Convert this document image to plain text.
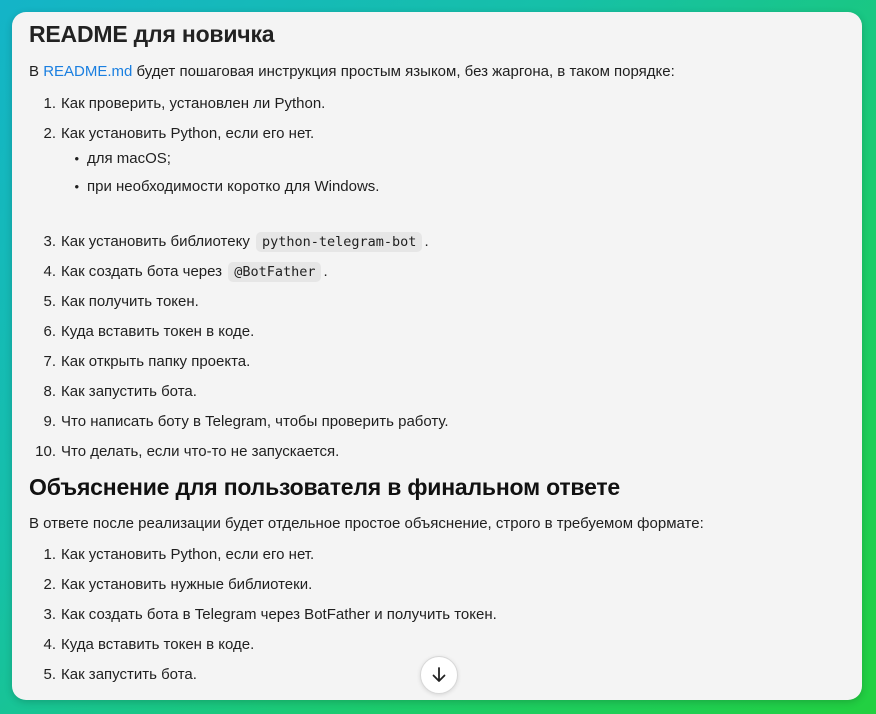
README для новичка

В README.md будет пошаговая инструкция простым языком, без жаргона, в таком порядке:

1. Как проверить, установлен ли Python.
2. Как установить Python, если его нет.
3. Как установить библиотеку python-telegram-bot .
4. Как создать бота через @BotFather .
5. Как получить токен.
6. Куда вставить токен в коде.
7. Как открыть папку проекта.
8. Как запустить бота.
9. Что написать боту в Telegram, чтобы проверить работу.
10. Что делать, если что-то не запускается.
• для macOS;
• при необходимости коротко для Windows.
Объяснение для пользователя в финальном ответе

В ответе после реализации будет отдельное простое объяснение, строго в требуемом формате:

1. Как установить Python, если его нет.
2. Как установить нужные библиотеки.
3. Как создать бота в Telegram через BotFather и получить токен.
4. Куда вставить токен в коде.
5. Как запустить бота.
